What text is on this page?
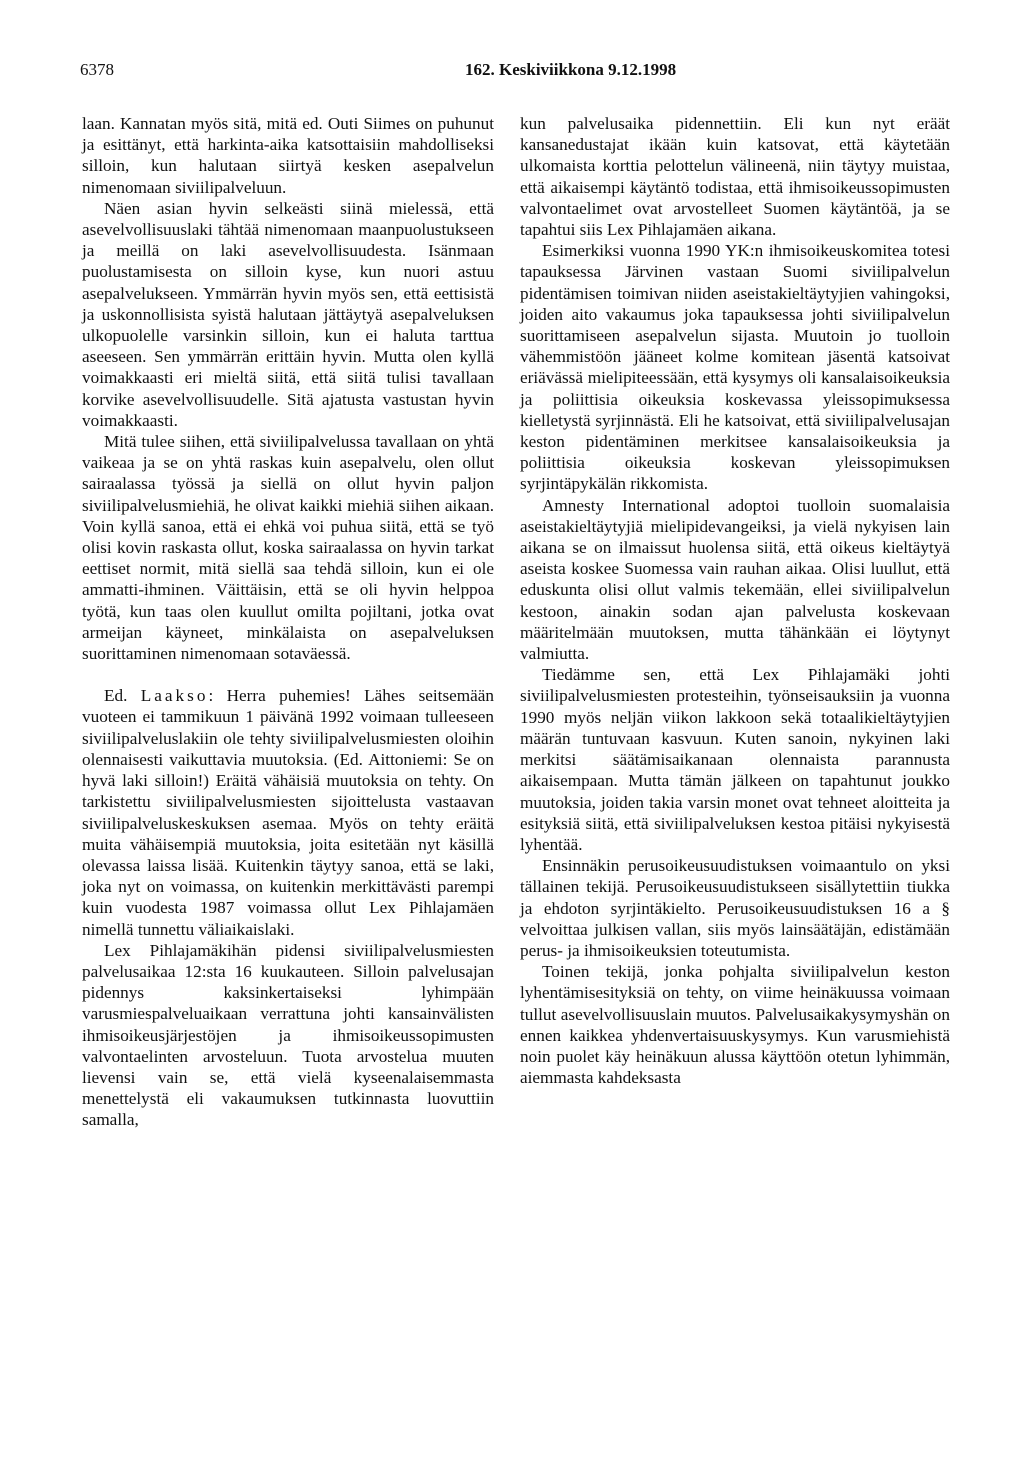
6378	162. Keskiviikkona 9.12.1998

laan. Kannatan myös sitä, mitä ed. Outi Siimes on puhunut ja esittänyt, että harkinta-aika katsottaisiin mahdolliseksi silloin, kun halutaan siirtyä kesken asepalvelun nimenomaan siviilipalveluun.

Näen asian hyvin selkeästi siinä mielessä, että asevelvollisuuslaki tähtää nimenomaan maanpuolustukseen ja meillä on laki asevelvollisuudesta. Isänmaan puolustamisesta on silloin kyse, kun nuori astuu asepalvelukseen. Ymmärrän hyvin myös sen, että eettisistä ja uskonnollisista syistä halutaan jättäytyä asepalveluksen ulkopuolelle varsinkin silloin, kun ei haluta tarttua aseeseen. Sen ymmärrän erittäin hyvin. Mutta olen kyllä voimakkaasti eri mieltä siitä, että siitä tulisi tavallaan korvike asevelvollisuudelle. Sitä ajatusta vastustan hyvin voimakkaasti.

Mitä tulee siihen, että siviilipalvelussa tavallaan on yhtä vaikeaa ja se on yhtä raskas kuin asepalvelu, olen ollut sairaalassa työssä ja siellä on ollut hyvin paljon siviilipalvelusmiehiä, he olivat kaikki miehiä siihen aikaan. Voin kyllä sanoa, että ei ehkä voi puhua siitä, että se työ olisi kovin raskasta ollut, koska sairaalassa on hyvin tarkat eettiset normit, mitä siellä saa tehdä silloin, kun ei ole ammatti-ihminen. Väittäisin, että se oli hyvin helppoa työtä, kun taas olen kuullut omilta pojiltani, jotka ovat armeijan käyneet, minkälaista on asepalveluksen suorittaminen nimenomaan sotaväessä.

Ed. Laakso: Herra puhemies! Lähes seitsemään vuoteen ei tammikuun 1 päivänä 1992 voimaan tulleeseen siviilipalveluslakiin ole tehty siviilipalvelusmiesten oloihin olennaisesti vaikuttavia muutoksia. (Ed. Aittoniemi: Se on hyvä laki silloin!) Eräitä vähäisiä muutoksia on tehty. On tarkistettu siviilipalvelusmiesten sijoittelusta vastaavan siviilipalveluskeskuksen asemaa. Myös on tehty eräitä muita vähäisempiä muutoksia, joita esitetään nyt käsillä olevassa laissa lisää. Kuitenkin täytyy sanoa, että se laki, joka nyt on voimassa, on kuitenkin merkittävästi parempi kuin vuodesta 1987 voimassa ollut Lex Pihlajamäen nimellä tunnettu väliaikaislaki.

Lex Pihlajamäkihän pidensi siviilipalvelusmiesten palvelusaikaa 12:sta 16 kuukauteen. Silloin palvelusajan pidennys kaksinkertaiseksi lyhimpään varusmiespalveluaikaan verrattuna johti kansainvälisten ihmisoikeusjärjestöjen ja ihmisoikeussopimusten valvontaelinten arvosteluun. Tuota arvostelua muuten lievensi vain se, että vielä kyseenalaisemmasta menettelystä eli vakaumuksen tutkinnasta luovuttiin samalla,

kun palvelusaika pidennettiin. Eli kun nyt eräät kansanedustajat ikään kuin katsovat, että käytetään ulkomaista korttia pelottelun välineenä, niin täytyy muistaa, että aikaisempi käytäntö todistaa, että ihmisoikeussopimusten valvontaelimet ovat arvostelleet Suomen käytäntöä, ja se tapahtui siis Lex Pihlajamäen aikana.

Esimerkiksi vuonna 1990 YK:n ihmisoikeuskomitea totesi tapauksessa Järvinen vastaan Suomi siviilipalvelun pidentämisen toimivan niiden aseistakieltäytyjien vahingoksi, joiden aito vakaumus joka tapauksessa johti siviilipalvelun suorittamiseen asepalvelun sijasta. Muutoin jo tuolloin vähemmistöön jääneet kolme komitean jäsentä katsoivat eriävässä mielipiteessään, että kysymys oli kansalaisoikeuksia ja poliittisia oikeuksia koskevassa yleissopimuksessa kielletystä syrjinnästä. Eli he katsoivat, että siviilipalvelusajan keston pidentäminen merkitsee kansalaisoikeuksia ja poliittisia oikeuksia koskevan yleissopimuksen syrjintäpykälän rikkomista.

Amnesty International adoptoi tuolloin suomalaisia aseistakieltäytyjiä mielipidevangeiksi, ja vielä nykyisen lain aikana se on ilmaissut huolensa siitä, että oikeus kieltäytyä aseista koskee Suomessa vain rauhan aikaa. Olisi luullut, että eduskunta olisi ollut valmis tekemään, ellei siviilipalvelun kestoon, ainakin sodan ajan palvelusta koskevaan määritelmään muutoksen, mutta tähänkään ei löytynyt valmiutta.

Tiedämme sen, että Lex Pihlajamäki johti siviilipalvelusmiesten protesteihin, työnseisauksiin ja vuonna 1990 myös neljän viikon lakkoon sekä totaalikieltäytyjien määrän tuntuvaan kasvuun. Kuten sanoin, nykyinen laki merkitsi säätämisaikanaan olennaista parannusta aikaisempaan. Mutta tämän jälkeen on tapahtunut joukko muutoksia, joiden takia varsin monet ovat tehneet aloitteita ja esityksiä siitä, että siviilipalveluksen kestoa pitäisi nykyisestä lyhentää.

Ensinnäkin perusoikeusuudistuksen voimaantulo on yksi tällainen tekijä. Perusoikeusuudistukseen sisällytettiin tiukka ja ehdoton syrjintäkielto. Perusoikeusuudistuksen 16 a § velvoittaa julkisen vallan, siis myös lainsäätäjän, edistämään perus- ja ihmisoikeuksien toteutumista.

Toinen tekijä, jonka pohjalta siviilipalvelun keston lyhentämisesityksiä on tehty, on viime heinäkuussa voimaan tullut asevelvollisuuslain muutos. Palvelusaikakysymyshän on ennen kaikkea yhdenvertaisuuskysymys. Kun varusmiehistä noin puolet käy heinäkuun alussa käyttöön otetun lyhimmän, aiemmasta kahdeksasta
